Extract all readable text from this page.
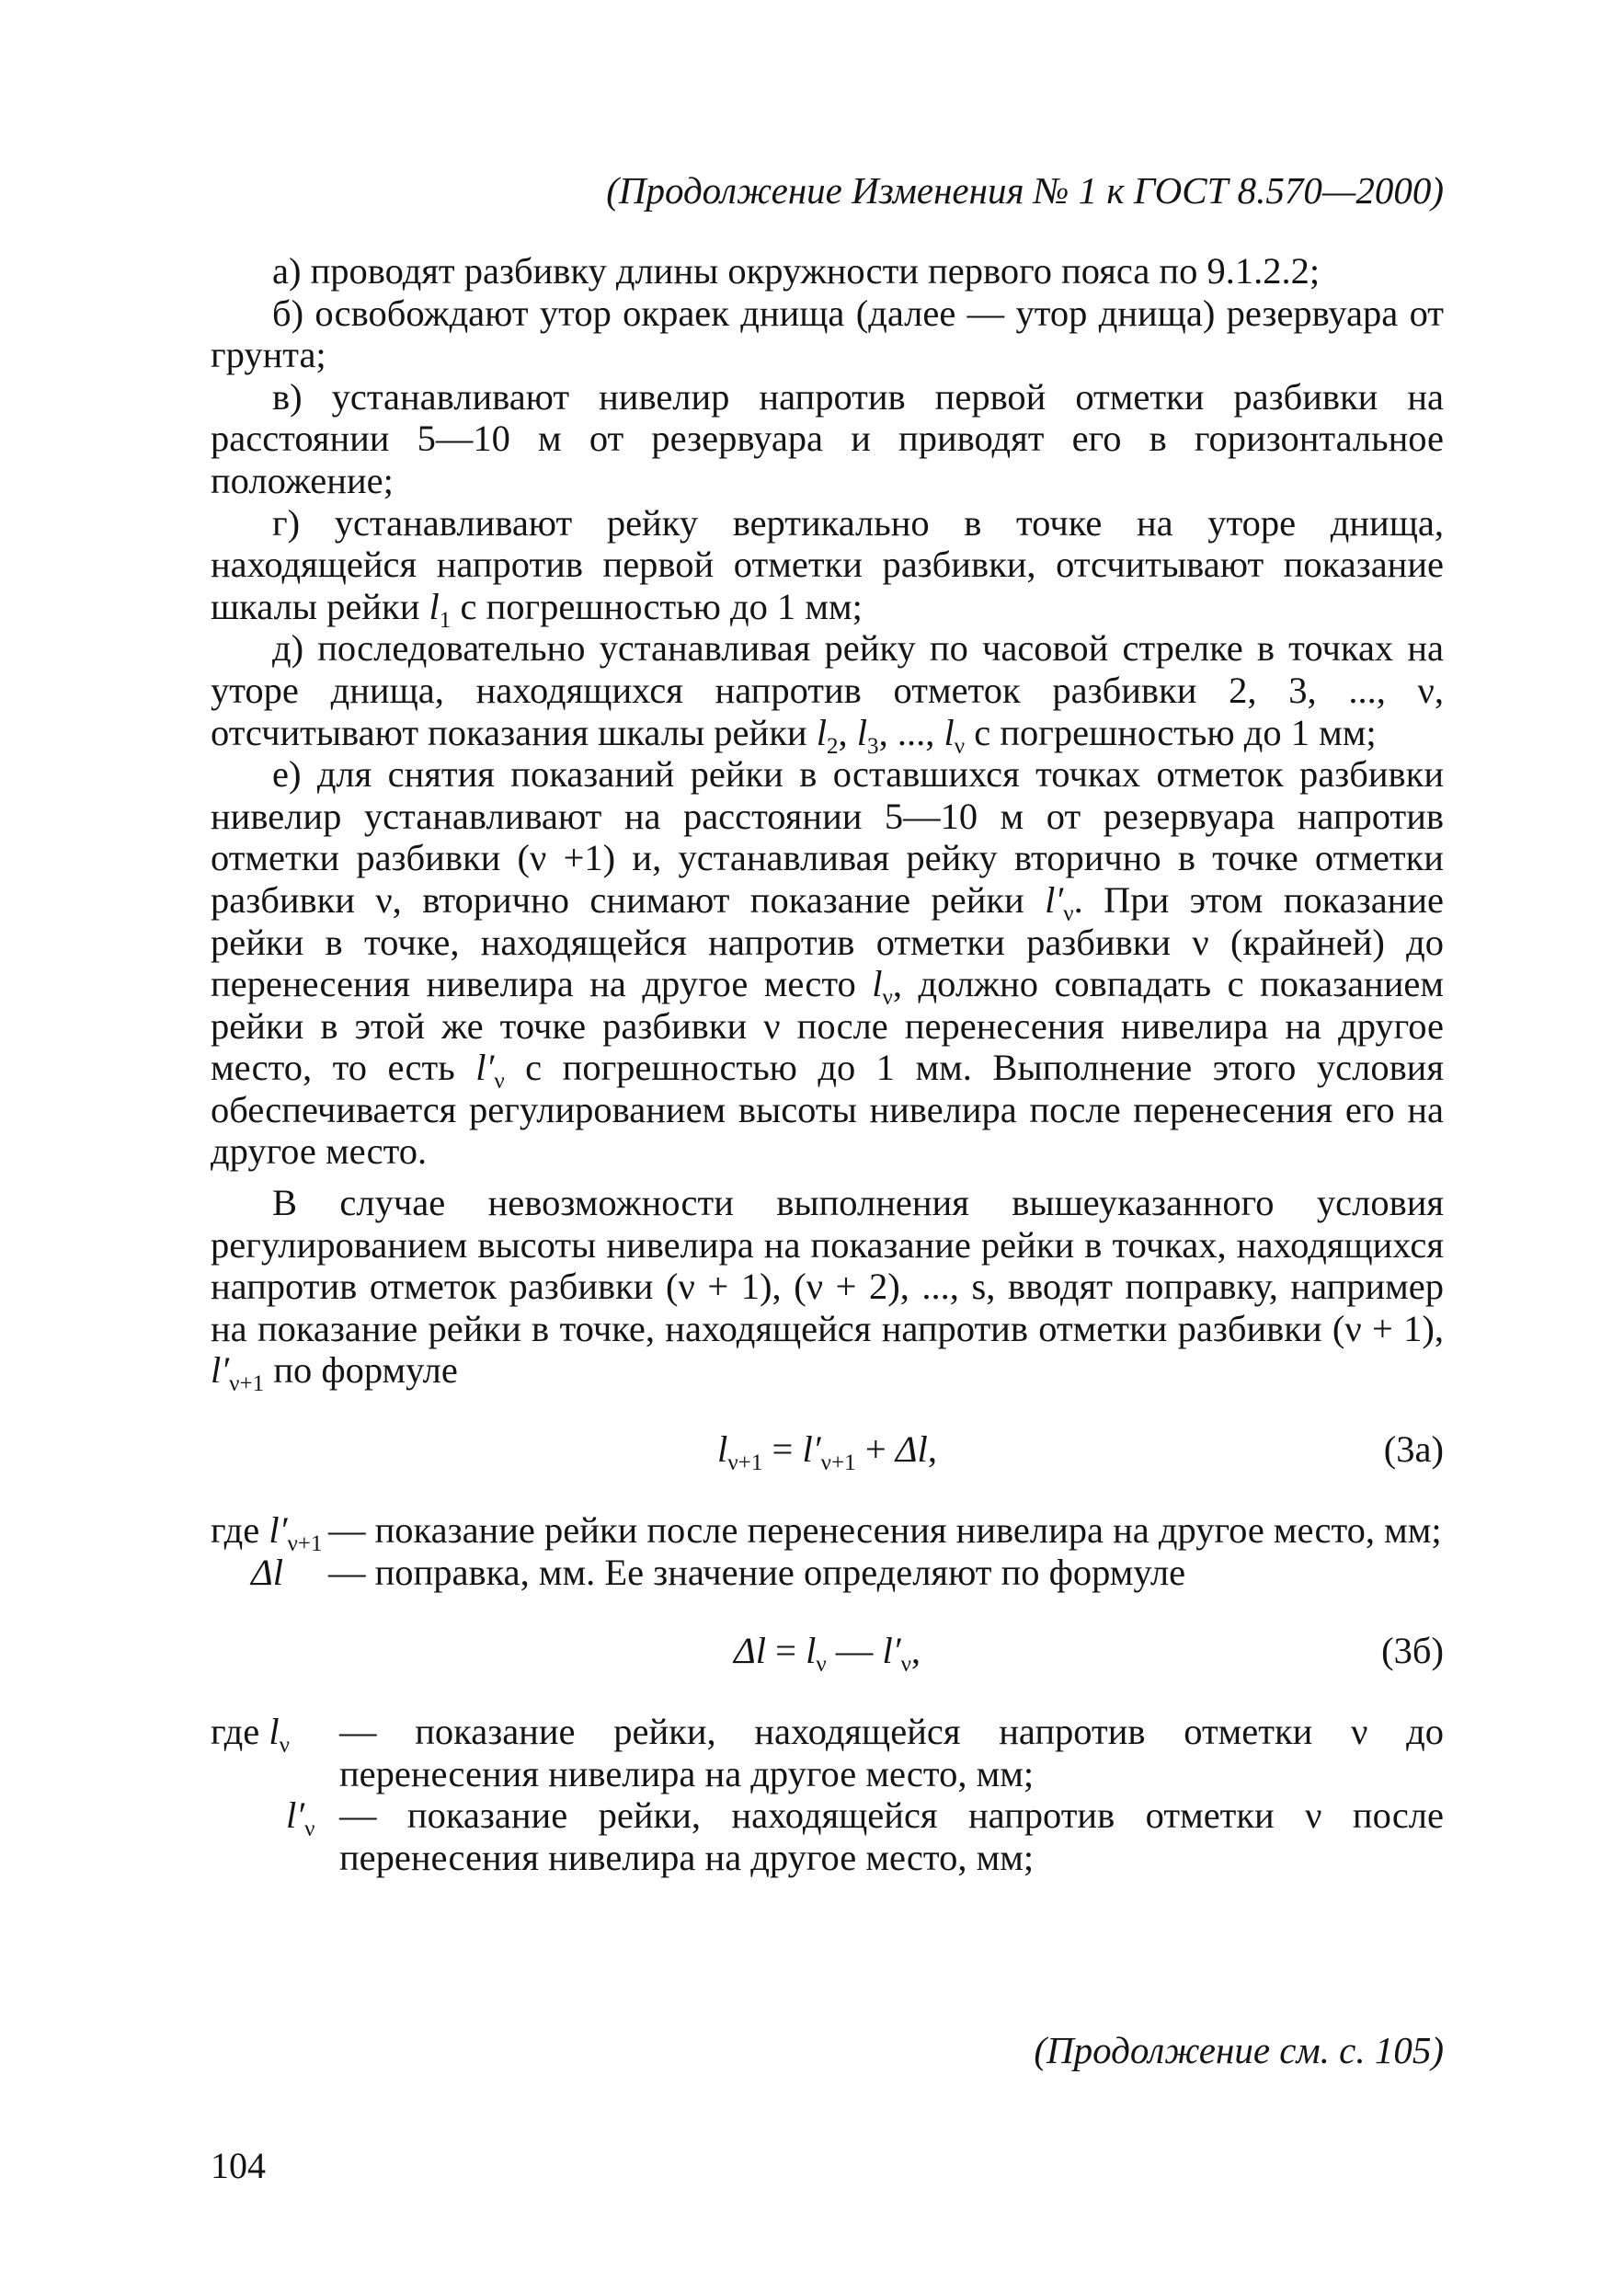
(Продолжение Изменения № 1 к ГОСТ 8.570—2000)

а) проводят разбивку длины окружности первого пояса по 9.1.2.2;

б) освобождают утор окраек днища (далее — утор днища) резервуара от грунта;

в) устанавливают нивелир напротив первой отметки разбивки на расстоянии 5—10 м от резервуара и приводят его в горизонтальное положение;

г) устанавливают рейку вертикально в точке на уторе днища, находящейся напротив первой отметки разбивки, отсчитывают показание шкалы рейки $l_1$ с погрешностью до 1 мм;

д) последовательно устанавливая рейку по часовой стрелке в точках на уторе днища, находящихся напротив отметок разбивки 2, 3, ..., ν, отсчитывают показания шкалы рейки $l_2$, $l_3$, ..., $l_\nu$ с погрешностью до 1 мм;

е) для снятия показаний рейки в оставшихся точках отметок разбивки нивелир устанавливают на расстоянии 5—10 м от резервуара напротив отметки разбивки (ν +1) и, устанавливая рейку вторично в точке отметки разбивки ν, вторично снимают показание рейки $l'_\nu$. При этом показание рейки в точке, находящейся напротив отметки разбивки ν (крайней) до перенесения нивелира на другое место $l_\nu$, должно совпадать с показанием рейки в этой же точке разбивки ν после перенесения нивелира на другое место, то есть $l'_\nu$ с погрешностью до 1 мм. Выполнение этого условия обеспечивается регулированием высоты нивелира после перенесения его на другое место.

В случае невозможности выполнения вышеуказанного условия регулированием высоты нивелира на показание рейки в точках, находящихся напротив отметок разбивки (ν + 1), (ν + 2), ..., s, вводят поправку, например на показание рейки в точке, находящейся напротив отметки разбивки (ν + 1), $l'_{\nu+1}$ по формуле

$l_{\nu+1} = l'_{\nu+1} + \Delta l$,	(3а)
где $l'_{\nu+1}$ — показание рейки после перенесения нивелира на другое место, мм;
Δl	— поправка, мм. Ее значение определяют по формуле
$\Delta l = l_\nu$ — $l'_\nu$,	(3б)
где $l_\nu$	— показание рейки, находящейся напротив отметки ν до перенесения нивелира на другое место, мм;
$l'_\nu$ — показание рейки, находящейся напротив отметки ν после перенесения нивелира на другое место, мм;
(Продолжение см. с. 105)
104
